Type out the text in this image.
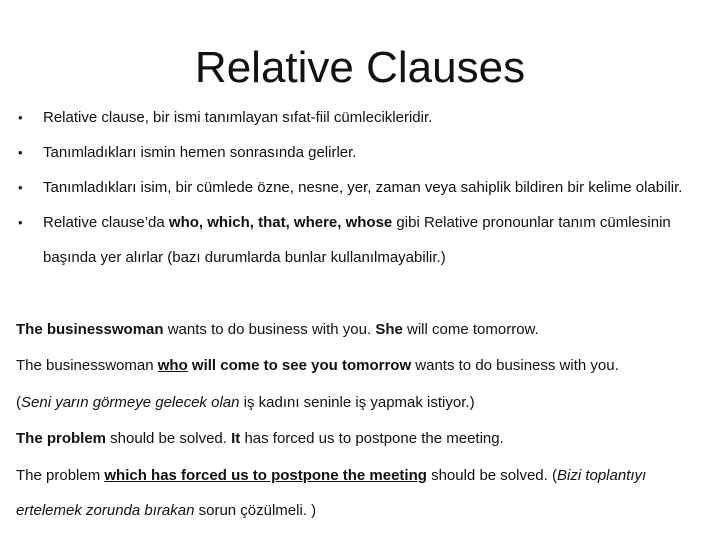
Relative Clauses
• Relative clause, bir ismi tanımlayan sıfat-fiil cümlecikleridir.
• Tanımladıkları ismin hemen sonrasında gelirler.
• Tanımladıkları isim, bir cümlede özne, nesne, yer, zaman veya sahiplik bildiren bir kelime olabilir.
• Relative clause’da who, which, that, where, whose gibi Relative pronounlar tanım cümlesinin başında yer alırlar (bazı durumlarda bunlar kullanılmayabilir.)
The businesswoman wants to do business with you. She will come tomorrow.
The businesswoman who will come to see you tomorrow wants to do business with you.
(Seni yarın görmeye gelecek olan iş kadını seninle iş yapmak istiyor.)
The problem should be solved. It has forced us to postpone the meeting.
The problem which has forced us to postpone the meeting should be solved. (Bizi toplantıyı ertelemek zorunda bırakan sorun çözülmeli. )
